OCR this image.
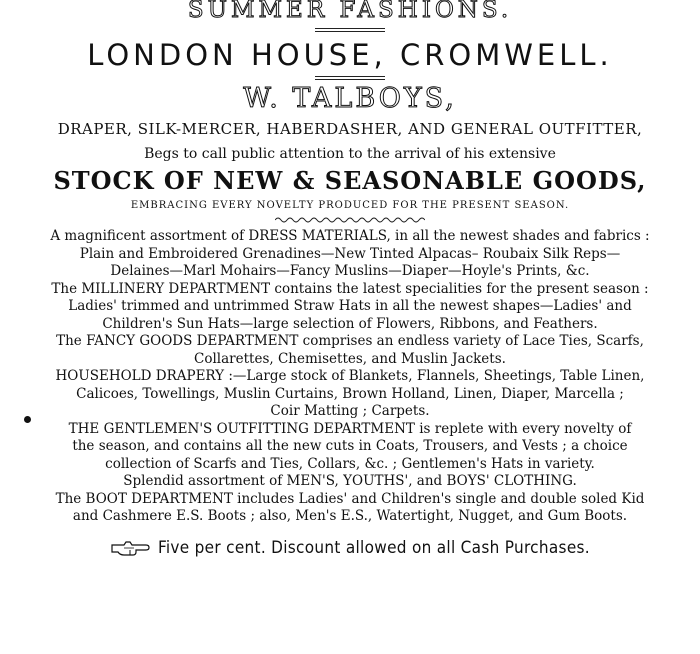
SUMMER FASHIONS.
LONDON HOUSE, CROMWELL.
W. TALBOYS,
DRAPER, SILK-MERCER, HABERDASHER, AND GENERAL OUTFITTER,
Begs to call public attention to the arrival of his extensive
STOCK OF NEW & SEASONABLE GOODS,
EMBRACING EVERY NOVELTY PRODUCED FOR THE PRESENT SEASON.
A magnificent assortment of DRESS MATERIALS, in all the newest shades and fabrics :
Plain and Embroidered Grenadines—New Tinted Alpacas– Roubaix Silk Reps—
Delaines—Marl Mohairs—Fancy Muslins—Diaper—Hoyle's Prints, &c.
The MILLINERY DEPARTMENT contains the latest specialities for the present season :
Ladies' trimmed and untrimmed Straw Hats in all the newest shapes—Ladies' and
Children's Sun Hats—large selection of Flowers, Ribbons, and Feathers.
The FANCY GOODS DEPARTMENT comprises an endless variety of Lace Ties, Scarfs,
Collarettes, Chemisettes, and Muslin Jackets.
HOUSEHOLD DRAPERY :—Large stock of Blankets, Flannels, Sheetings, Table Linen,
Calicoes, Towellings, Muslin Curtains, Brown Holland, Linen, Diaper, Marcella ;
Coir Matting ; Carpets.
THE GENTLEMEN'S OUTFITTING DEPARTMENT is replete with every novelty of
the season, and contains all the new cuts in Coats, Trousers, and Vests ; a choice
collection of Scarfs and Ties, Collars, &c. ; Gentlemen's Hats in variety.
Splendid assortment of MEN'S, YOUTHS', and BOYS' CLOTHING.
The BOOT DEPARTMENT includes Ladies' and Children's single and double soled Kid
and Cashmere E.S. Boots ; also, Men's E.S., Watertight, Nugget, and Gum Boots.
Five per cent. Discount allowed on all Cash Purchases.
